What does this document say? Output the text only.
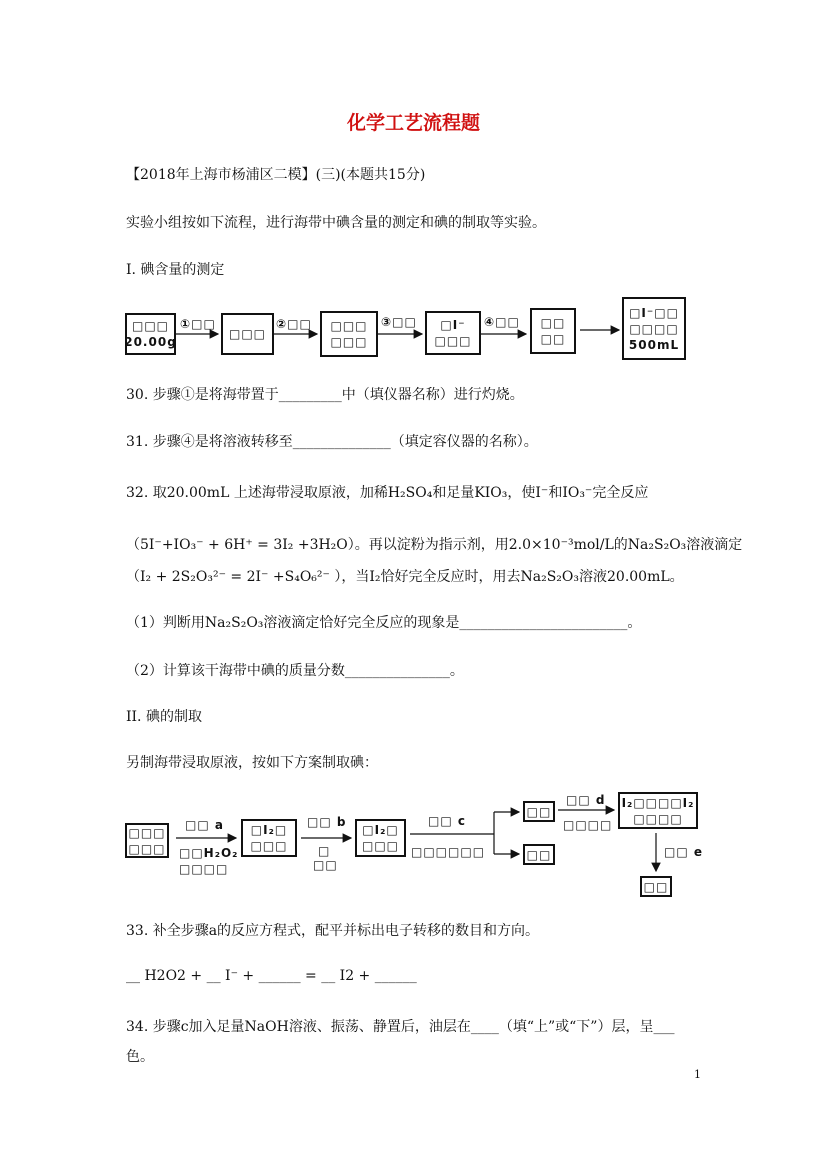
化学工艺流程题
【2018年上海市杨浦区二模】(三)(本题共15分)
实验小组按如下流程，进行海带中碘含量的测定和碘的制取等实验。
I. 碘含量的测定
□□□
20.00g
①□□
□□□
②□□ □□□
□□□
③□□ □I⁻
□□□
④□□ □□
□□
□I⁻□□
□□□□
500mL
30. 步骤①是将海带置于_________中（填仪器名称）进行灼烧。
31. 步骤④是将溶液转移至______________（填定容仪器的名称）。
32. 取20.00mL 上述海带浸取原液，加稀H₂SO₄和足量KIO₃，使I⁻和IO₃⁻完全反应
（5I⁻+IO₃⁻ + 6H⁺ = 3I₂ +3H₂O）。再以淀粉为指示剂，用2.0×10⁻³mol/L的Na₂S₂O₃溶液滴定
（I₂ + 2S₂O₃²⁻ = 2I⁻ +S₄O₆²⁻ ），当I₂恰好完全反应时，用去Na₂S₂O₃溶液20.00mL。
（1）判断用Na₂S₂O₃溶液滴定恰好完全反应的现象是________________________。
（2）计算该干海带中碘的质量分数_______________。
II. 碘的制取
另制海带浸取原液，按如下方案制取碘：
□□□
□□□
□□ a
□□H₂O₂
□□□□
□I₂□
□□□
□□ b
□
□□
□I₂□
□□□
□□ c
□□□□□□
□□
□□
□□ d
□□□□
I₂□□□□I₂
□□□□
□□ e
□□
33. 补全步骤a的反应方程式，配平并标出电子转移的数目和方向。
__ H2O2 + __ I⁻ + ______ = __ I2 + ______
34. 步骤c加入足量NaOH溶液、振荡、静置后，油层在____（填“上”或“下”）层，呈___
色。
1
